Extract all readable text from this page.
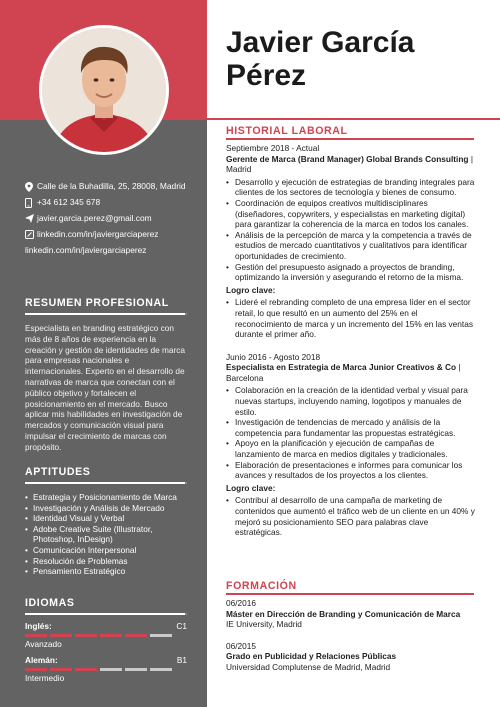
Calle de la Buhadilla, 25, 28008, Madrid
+34 612 345 678
javier.garcia.perez@gmail.com
linkedin.com/in/javiergarciaperez
linkedin.com/in/javiergarciaperez
RESUMEN PROFESIONAL
Especialista en branding estratégico con más de 8 años de experiencia en la creación y gestión de identidades de marca para empresas nacionales e internacionales. Experto en el desarrollo de narrativas de marca que conectan con el público objetivo y fortalecen el posicionamiento en el mercado. Busco aplicar mis habilidades en investigación de mercados y comunicación visual para impulsar el crecimiento de marcas con propósito.
APTITUDES
• Estrategia y Posicionamiento de Marca
• Investigación y Análisis de Mercado
• Identidad Visual y Verbal
• Adobe Creative Suite (Illustrator, Photoshop, InDesign)
• Comunicación Interpersonal
• Resolución de Problemas
• Pensamiento Estratégico
IDIOMAS
Inglés:	C1
Avanzado
Alemán:	B1
Intermedio
Javier García
Pérez
HISTORIAL LABORAL
Septiembre 2018 - Actual
Gerente de Marca (Brand Manager) Global Brands Consulting | Madrid
• Desarrollo y ejecución de estrategias de branding integrales para clientes de los sectores de tecnología y bienes de consumo.
• Coordinación de equipos creativos multidisciplinares (diseñadores, copywriters, y especialistas en marketing digital) para garantizar la coherencia de la marca en todos los canales.
• Análisis de la percepción de marca y la competencia a través de estudios de mercado cuantitativos y cualitativos para identificar oportunidades de crecimiento.
• Gestión del presupuesto asignado a proyectos de branding, optimizando la inversión y asegurando el retorno de la misma.
Logro clave:
• Lideré el rebranding completo de una empresa líder en el sector retail, lo que resultó en un aumento del 25% en el reconocimiento de marca y un incremento del 15% en las ventas durante el primer año.
Junio 2016 - Agosto 2018
Especialista en Estrategia de Marca Junior Creativos & Co | Barcelona
• Colaboración en la creación de la identidad verbal y visual para nuevas startups, incluyendo naming, logotipos y manuales de estilo.
• Investigación de tendencias de mercado y análisis de la competencia para fundamentar las propuestas estratégicas.
• Apoyo en la planificación y ejecución de campañas de lanzamiento de marca en medios digitales y tradicionales.
• Elaboración de presentaciones e informes para comunicar los avances y resultados de los proyectos a los clientes.
Logro clave:
• Contribuí al desarrollo de una campaña de marketing de contenidos que aumentó el tráfico web de un cliente en un 40% y mejoró su posicionamiento SEO para palabras clave estratégicas.
FORMACIÓN
06/2016
Máster en Dirección de Branding y Comunicación de Marca
IE University, Madrid
06/2015
Grado en Publicidad y Relaciones Públicas
Universidad Complutense de Madrid, Madrid
